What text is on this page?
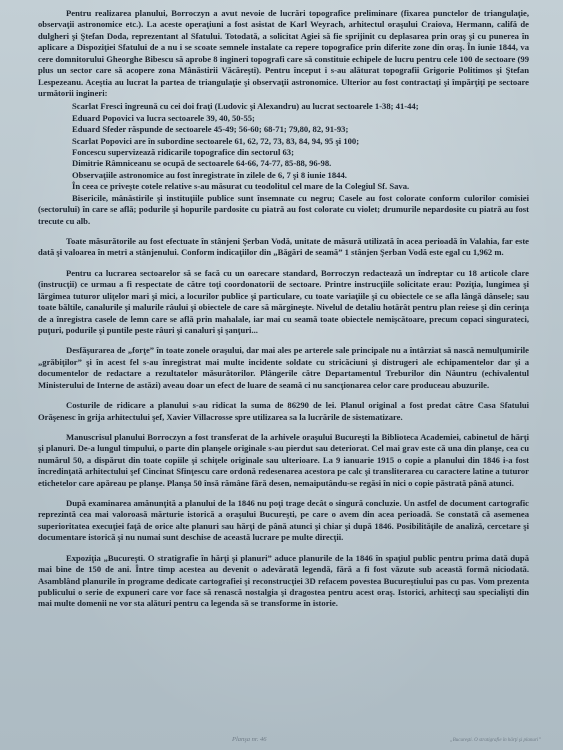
Pentru realizarea planului, Borroczyn a avut nevoie de lucrări topografice preliminare (fixarea punctelor de triangulaţie, observaţii astronomice etc.). La aceste operaţiuni a fost asistat de Karl Weyrach, arhitectul oraşului Craiova, Hermann, califă de dulgheri şi Ştefan Doda, reprezentant al Sfatului. Totodată, a solicitat Agiei să fie sprijinit cu deplasarea prin oraş şi cu punerea în aplicare a Dispoziţiei Sfatului de a nu i se scoate semnele instalate ca repere topografice prin diferite zone din oraş. În iunie 1844, va cere domnitorului Gheorghe Bibescu să aprobe 8 ingineri topografi care să constituie echipele de lucru pentru cele 100 de sectoare (99 plus un sector care să acopere zona Mânăstirii Văcăreşti). Pentru început i s-au alăturat topografii Grigorie Politimos şi Ştefan Lespezeanu. Aceştia au lucrat la partea de triangulaţie şi observaţii astronomice. Ulterior au fost contractaţi şi împărţiţi pe sectoare următorii ingineri:

Scarlat Fresci îngreună cu cei doi fraţi (Ludovic şi Alexandru) au lucrat sectoarele 1-38; 41-44;
Eduard Popovici va lucra sectoarele 39, 40, 50-55;
Eduard Sfeder răspunde de sectoarele 45-49; 56-60; 68-71; 79,80, 82, 91-93;
Scarlat Popovici are în subordine sectoarele 61, 62, 72, 73, 83, 84, 94, 95 şi 100;
Foncescu supervizează ridicarile topografice din sectorul 63;
Dimitrie Râmniceanu se ocupă de sectoarele 64-66, 74-77, 85-88, 96-98.
Observaţiile astronomice au fost înregistrate în zilele de 6, 7 şi 8 iunie 1844.
În ceea ce priveşte cotele relative s-au măsurat cu teodolitul cel mare de la Colegiul Sf. Sava.
Bisericile, mânăstirile şi instituţiile publice sunt însemnate cu negru; Casele au fost colorate conform culorilor comisiei (sectorului) în care se află; podurile şi hopurile pardosite cu piatră au fost colorate cu violet; drumurile nepardosite cu piatră au fost trecute cu alb.

Toate măsurătorile au fost efectuate în stânjeni Şerban Vodă, unitate de măsură utilizată în acea perioadă în Valahia, far este dată şi valoarea în metri a stânjenului. Conform indicaţiilor din „Băgări de seamă” 1 stânjen Şerban Vodă este egal cu 1,962 m.

Pentru ca lucrarea sectoarelor să se facă cu un oarecare standard, Borroczyn redactează un îndreptar cu 18 articole clare (instrucţii) ce urmau a fi respectate de către toţi coordonatorii de sectoare. Printre instrucţiile solicitate erau: Poziţia, lungimea şi lărgimea tuturor uliţelor mari şi mici, a locurilor publice şi particulare, cu toate variaţiile şi cu obiectele ce se afla lângă dânsele; sau toate băltile, canalurile şi malurile râului şi obiectele de care să mărgineşte. Nivelul de detaliu hotărât pentru plan reiese şi din cerinţa de a înregistra casele de lemn care se află prin mahalale, iar mai cu seamă toate obiectele nemişcătoare, precum copaci singurateci, puţuri, podurile şi puntile peste râuri şi canaluri şi şanţuri...

Desfăşurarea de „forţe” în toate zonele oraşului, dar mai ales pe arterele sale principale nu a întârziat să nască nemulţumirile „grăbiţilor” şi în acest fel s-au înregistrat mai multe incidente soldate cu stricăciuni şi distrugeri ale echipamentelor dar şi a documentelor de redactare a rezultatelor măsurătorilor. Plângerile către Departamentul Treburilor din Năuntru (echivalentul Ministerului de Interne de astăzi) aveau doar un efect de luare de seamă ci nu sancţionarea celor care produceau abuzurile.

Costurile de ridicare a planului s-au ridicat la suma de 86290 de lei. Planul original a fost predat către Casa Sfatului Orăşenesc în grija arhitectului şef, Xavier Villacrosse spre utilizarea sa la lucrările de sistematizare.

Manuscrisul planului Borroczyn a fost transferat de la arhivele oraşului Bucureşti la Biblioteca Academiei, cabinetul de hărţi şi planuri. De-a lungul timpului, o parte din planşele originale s-au pierdut sau deteriorat. Cel mai grav este că una din planşe, cea cu numărul 50, a dispărut din toate copiile şi schiţele originale sau ulterioare. La 9 ianuarie 1915 o copie a planului din 1846 i-a fost încredinţată arhitectului şef Cincinat Sfinţescu care ordonă redesenarea acestora pe calc şi transliterarea cu caractere latine a tuturor etichetelor care apăreau pe planşe. Planşa 50 însă rămâne fără desen, nemaiputându-se regăsi în nici o copie păstrată până atunci.

După examinarea amănunţită a planului de la 1846 nu poţi trage decât o singură concluzie. Un astfel de document cartografic reprezintă cea mai valoroasă mărturie istorică a oraşului Bucureşti, pe care o avem din acea perioadă. Se constată că asemenea superioritatea execuţiei faţă de orice alte planuri sau hărţi de până atunci şi chiar şi după 1846. Posibilităţile de analiză, cercetare şi documentare istorică şi nu numai sunt deschise de această lucrare pe multe direcţii.

Expoziţia „Bucureşti. O stratigrafie în hărţi şi planuri” aduce planurile de la 1846 în spaţiul public pentru prima dată după mai bine de 150 de ani. Între timp acestea au devenit o adevărată legendă, fără a fi fost văzute sub această formă niciodată. Asamblând planurile în programe dedicate cartografiei şi reconstrucţiei 3D refacem povestea Bucureştiului pas cu pas. Vom prezenta publicului o serie de expuneri care vor face să renască nostalgia şi dragostea pentru acest oraş. Istorici, arhitecţi sau specialişti din mai multe domenii ne vor sta alături pentru ca legenda să se transforme în istorie.

Planşa nr. 46	„Bucureşti. O stratigrafie în hărţi şi planuri”
